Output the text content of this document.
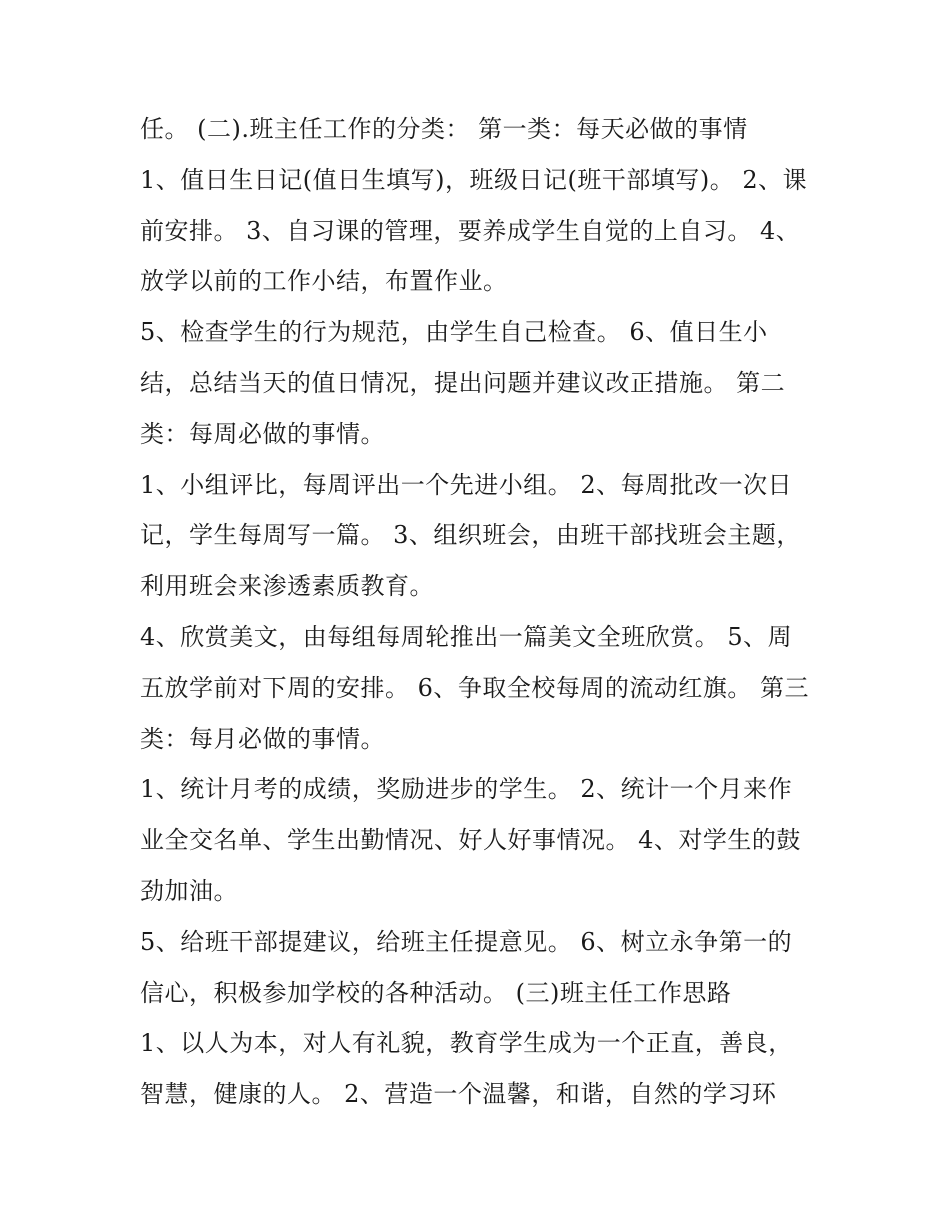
任。 (二).班主任工作的分类： 第一类：每天必做的事情
1、值日生日记(值日生填写)，班级日记(班干部填写)。 2、课
前安排。 3、自习课的管理，要养成学生自觉的上自习。 4、
放学以前的工作小结，布置作业。
5、检查学生的行为规范，由学生自己检查。 6、值日生小
结，总结当天的值日情况，提出问题并建议改正措施。 第二
类：每周必做的事情。
1、小组评比，每周评出一个先进小组。 2、每周批改一次日
记，学生每周写一篇。 3、组织班会，由班干部找班会主题，
利用班会来渗透素质教育。
4、欣赏美文，由每组每周轮推出一篇美文全班欣赏。 5、周
五放学前对下周的安排。 6、争取全校每周的流动红旗。 第三
类：每月必做的事情。
1、统计月考的成绩，奖励进步的学生。 2、统计一个月来作
业全交名单、学生出勤情况、好人好事情况。 4、对学生的鼓
劲加油。
5、给班干部提建议，给班主任提意见。 6、树立永争第一的
信心，积极参加学校的各种活动。 (三)班主任工作思路
1、以人为本，对人有礼貌，教育学生成为一个正直，善良，
智慧，健康的人。 2、营造一个温馨，和谐，自然的学习环
